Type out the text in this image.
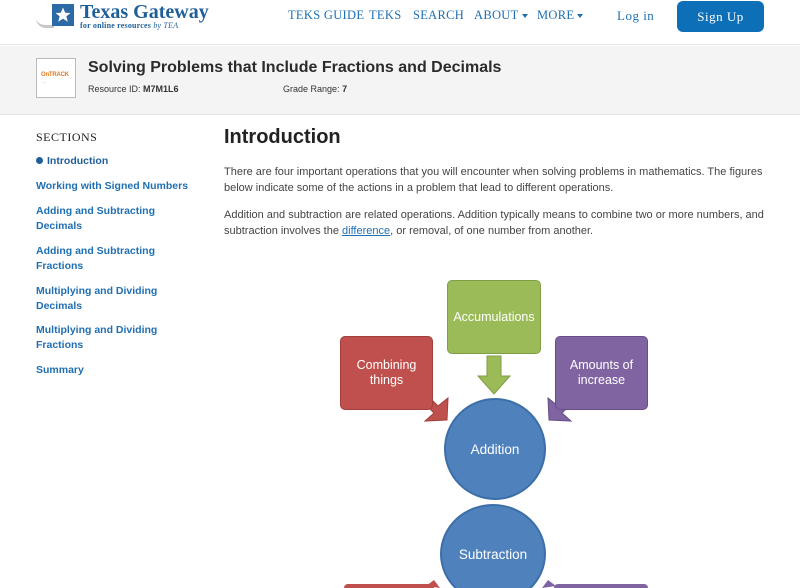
Texas Gateway
for online resources by TEA
TEKS GUIDE TEKS SEARCH ABOUT	MORE	Log in	Sign Up
OnTRACK
—
Solving Problems that Include Fractions and Decimals
Resource ID: M7M1L6	Grade Range: 7
SECTIONS
Introduction
Working with Signed Numbers
Adding and Subtracting Decimals
Adding and Subtracting Fractions
Multiplying and Dividing Decimals
Multiplying and Dividing Fractions
Summary
Introduction

There are four important operations that you will encounter when solving problems in mathematics. The figures below indicate some of the actions in a problem that lead to different operations.

Addition and subtraction are related operations. Addition typically means to combine two or more numbers, and subtraction involves the difference, or removal, of one number from another.

Combining things
Accumulations
Amounts of increase
Addition
Subtraction
